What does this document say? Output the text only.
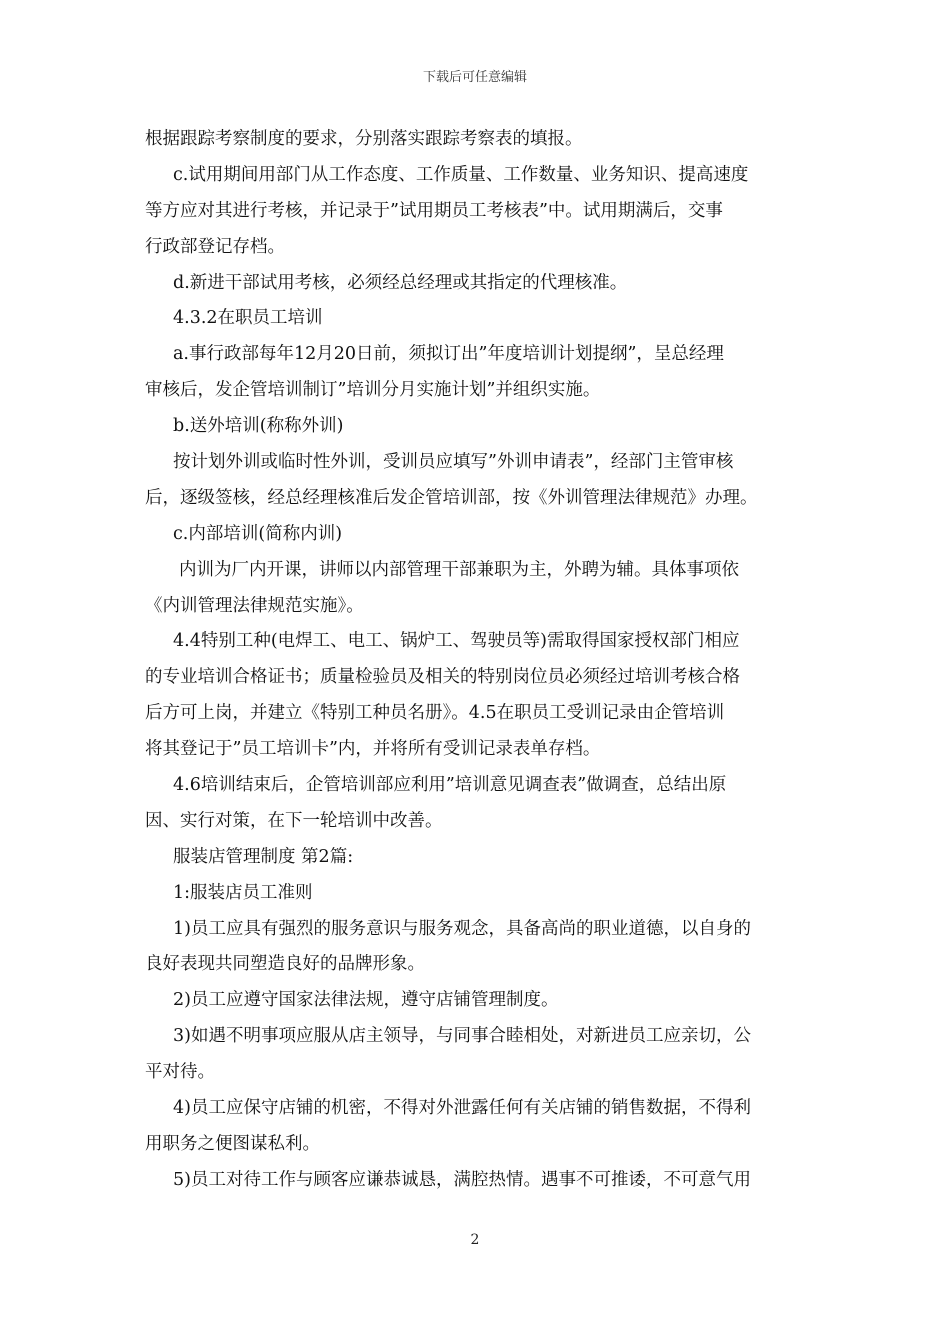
下载后可任意编辑
根据跟踪考察制度的要求，分别落实跟踪考察表的填报。
c.试用期间用部门从工作态度、工作质量、工作数量、业务知识、提高速度
等方应对其进行考核，并记录于”试用期员工考核表”中。试用期满后，交事
行政部登记存档。
d.新进干部试用考核，必须经总经理或其指定的代理核准。
4.3.2在职员工培训
a.事行政部每年12月20日前，须拟订出”年度培训计划提纲”，呈总经理
审核后，发企管培训制订”培训分月实施计划”并组织实施。
b.送外培训(称称外训)
按计划外训或临时性外训，受训员应填写”外训申请表”，经部门主管审核
后，逐级签核，经总经理核准后发企管培训部，按《外训管理法律规范》办理。
c.内部培训(简称内训)
内训为厂内开课，讲师以内部管理干部兼职为主，外聘为辅。具体事项依
《内训管理法律规范实施》。
4.4特别工种(电焊工、电工、锅炉工、驾驶员等)需取得国家授权部门相应
的专业培训合格证书；质量检验员及相关的特别岗位员必须经过培训考核合格
后方可上岗，并建立《特别工种员名册》。4.5在职员工受训记录由企管培训
将其登记于”员工培训卡”内，并将所有受训记录表单存档。
4.6培训结束后，企管培训部应利用”培训意见调查表”做调查，总结出原
因、实行对策，在下一轮培训中改善。
服装店管理制度 第2篇:
1:服装店员工准则
1)员工应具有强烈的服务意识与服务观念，具备高尚的职业道德，以自身的
良好表现共同塑造良好的品牌形象。
2)员工应遵守国家法律法规，遵守店铺管理制度。
3)如遇不明事项应服从店主领导，与同事合睦相处，对新进员工应亲切，公
平对待。
4)员工应保守店铺的机密，不得对外泄露任何有关店铺的销售数据，不得利
用职务之便图谋私利。
5)员工对待工作与顾客应谦恭诚恳，满腔热情。遇事不可推诿，不可意气用
2
